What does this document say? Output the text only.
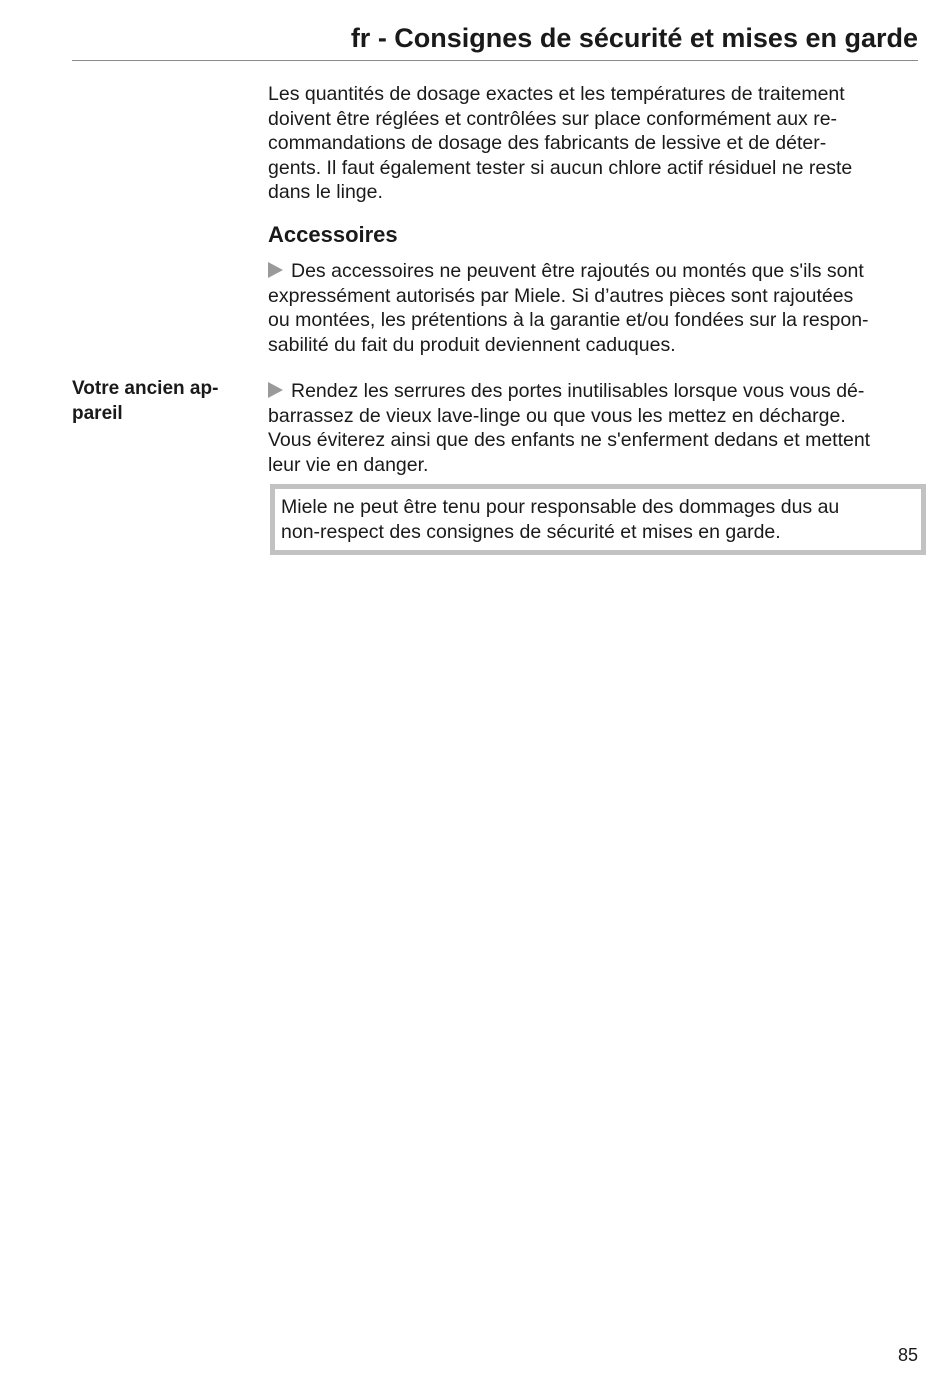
fr - Consignes de sécurité et mises en garde

Les quantités de dosage exactes et les températures de traitement

doivent être réglées et contrôlées sur place conformément aux re-

commandations de dosage des fabricants de lessive et de déter-

gents. Il faut également tester si aucun chlore actif résiduel ne reste

dans le linge.

Accessoires

Des accessoires ne peuvent être rajoutés ou montés que s'ils sont

expressément autorisés par Miele. Si d’autres pièces sont rajoutées

ou montées, les prétentions à la garantie et/ou fondées sur la respon-

sabilité du fait du produit deviennent caduques.

Votre ancien ap-
pareil

Rendez les serrures des portes inutilisables lorsque vous vous dé-

barrassez de vieux lave-linge ou que vous les mettez en décharge.

Vous éviterez ainsi que des enfants ne s'enferment dedans et mettent

leur vie en danger.

Miele ne peut être tenu pour responsable des dommages dus au

non-respect des consignes de sécurité et mises en garde.

85
